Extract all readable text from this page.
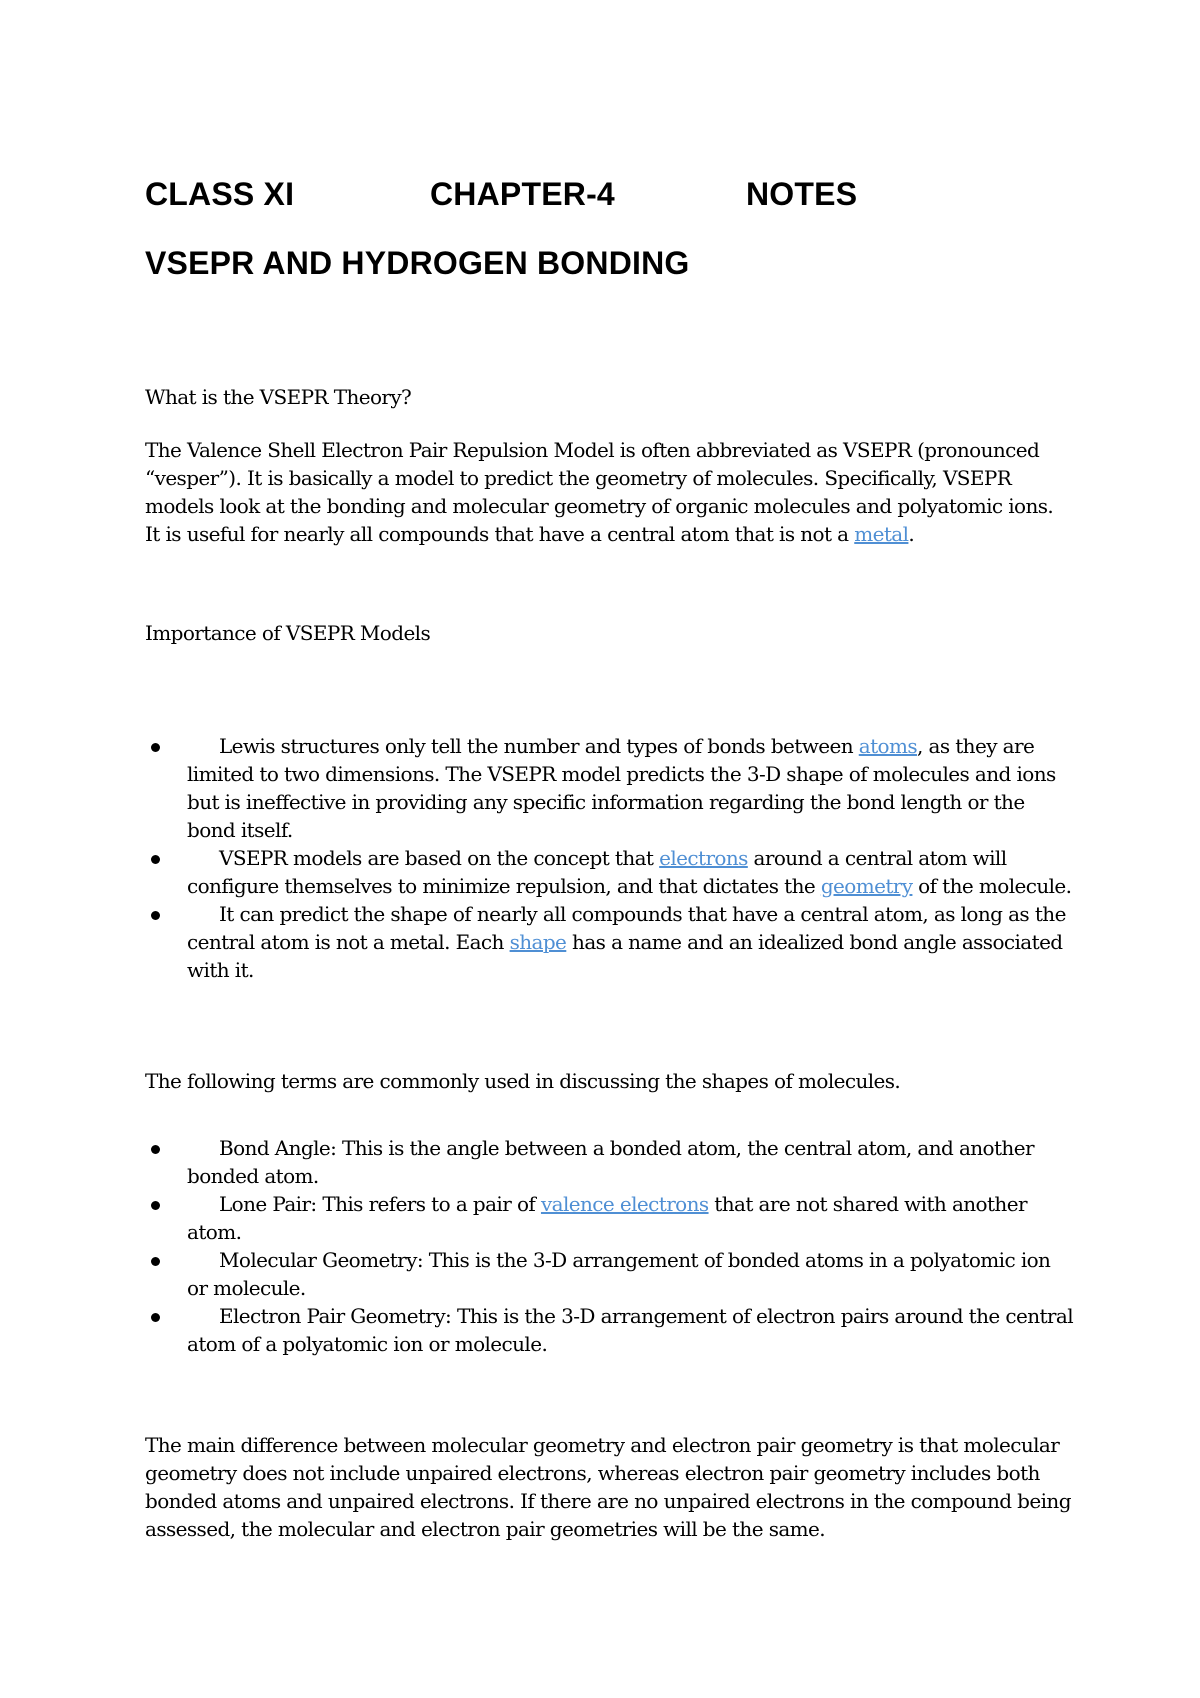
CLASS XI	CHAPTER-4	NOTES
VSEPR AND HYDROGEN BONDING
What is the VSEPR Theory?
The Valence Shell Electron Pair Repulsion Model is often abbreviated as VSEPR (pronounced “vesper”). It is basically a model to predict the geometry of molecules. Specifically, VSEPR models look at the bonding and molecular geometry of organic molecules and polyatomic ions. It is useful for nearly all compounds that have a central atom that is not a metal.
Importance of VSEPR Models
Lewis structures only tell the number and types of bonds between atoms, as they are limited to two dimensions. The VSEPR model predicts the 3-D shape of molecules and ions but is ineffective in providing any specific information regarding the bond length or the bond itself.
VSEPR models are based on the concept that electrons around a central atom will configure themselves to minimize repulsion, and that dictates the geometry of the molecule.
It can predict the shape of nearly all compounds that have a central atom, as long as the central atom is not a metal. Each shape has a name and an idealized bond angle associated with it.
The following terms are commonly used in discussing the shapes of molecules.
Bond Angle: This is the angle between a bonded atom, the central atom, and another bonded atom.
Lone Pair: This refers to a pair of valence electrons that are not shared with another atom.
Molecular Geometry: This is the 3-D arrangement of bonded atoms in a polyatomic ion or molecule.
Electron Pair Geometry: This is the 3-D arrangement of electron pairs around the central atom of a polyatomic ion or molecule.
The main difference between molecular geometry and electron pair geometry is that molecular geometry does not include unpaired electrons, whereas electron pair geometry includes both bonded atoms and unpaired electrons. If there are no unpaired electrons in the compound being assessed, the molecular and electron pair geometries will be the same.
